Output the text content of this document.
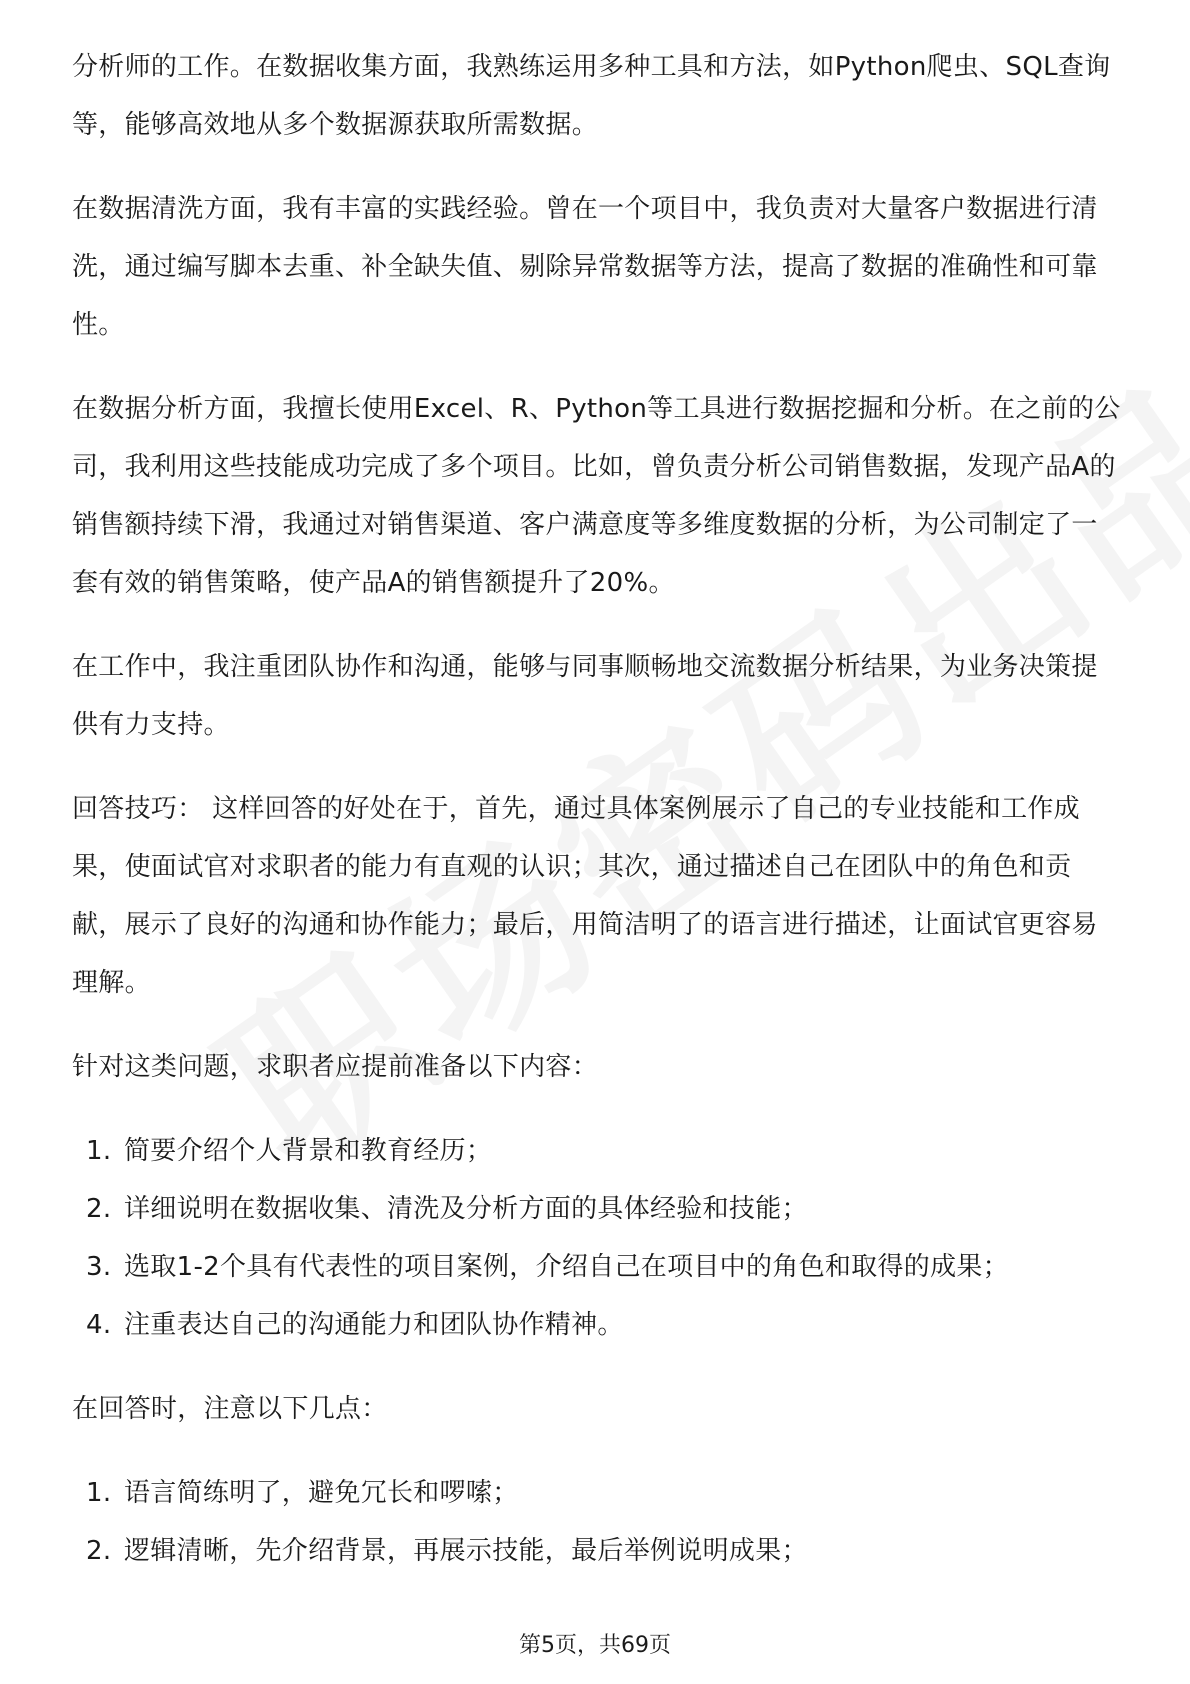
分析师的工作。在数据收集方面，我熟练运用多种工具和方法，如Python爬虫、SQL查询等，能够高效地从多个数据源获取所需数据。

在数据清洗方面，我有丰富的实践经验。曾在一个项目中，我负责对大量客户数据进行清洗，通过编写脚本去重、补全缺失值、剔除异常数据等方法，提高了数据的准确性和可靠性。

在数据分析方面，我擅长使用Excel、R、Python等工具进行数据挖掘和分析。在之前的公司，我利用这些技能成功完成了多个项目。比如，曾负责分析公司销售数据，发现产品A的销售额持续下滑，我通过对销售渠道、客户满意度等多维度数据的分析，为公司制定了一套有效的销售策略，使产品A的销售额提升了20%。

在工作中，我注重团队协作和沟通，能够与同事顺畅地交流数据分析结果，为业务决策提供有力支持。

回答技巧： 这样回答的好处在于，首先，通过具体案例展示了自己的专业技能和工作成果，使面试官对求职者的能力有直观的认识；其次，通过描述自己在团队中的角色和贡献，展示了良好的沟通和协作能力；最后，用简洁明了的语言进行描述，让面试官更容易理解。

针对这类问题，求职者应提前准备以下内容：

1. 简要介绍个人背景和教育经历；
2. 详细说明在数据收集、清洗及分析方面的具体经验和技能；
3. 选取1-2个具有代表性的项目案例，介绍自己在项目中的角色和取得的成果；
4. 注重表达自己的沟通能力和团队协作精神。

在回答时，注意以下几点：

1. 语言简练明了，避免冗长和啰嗦；
2. 逻辑清晰，先介绍背景，再展示技能，最后举例说明成果；
第5页，共69页
